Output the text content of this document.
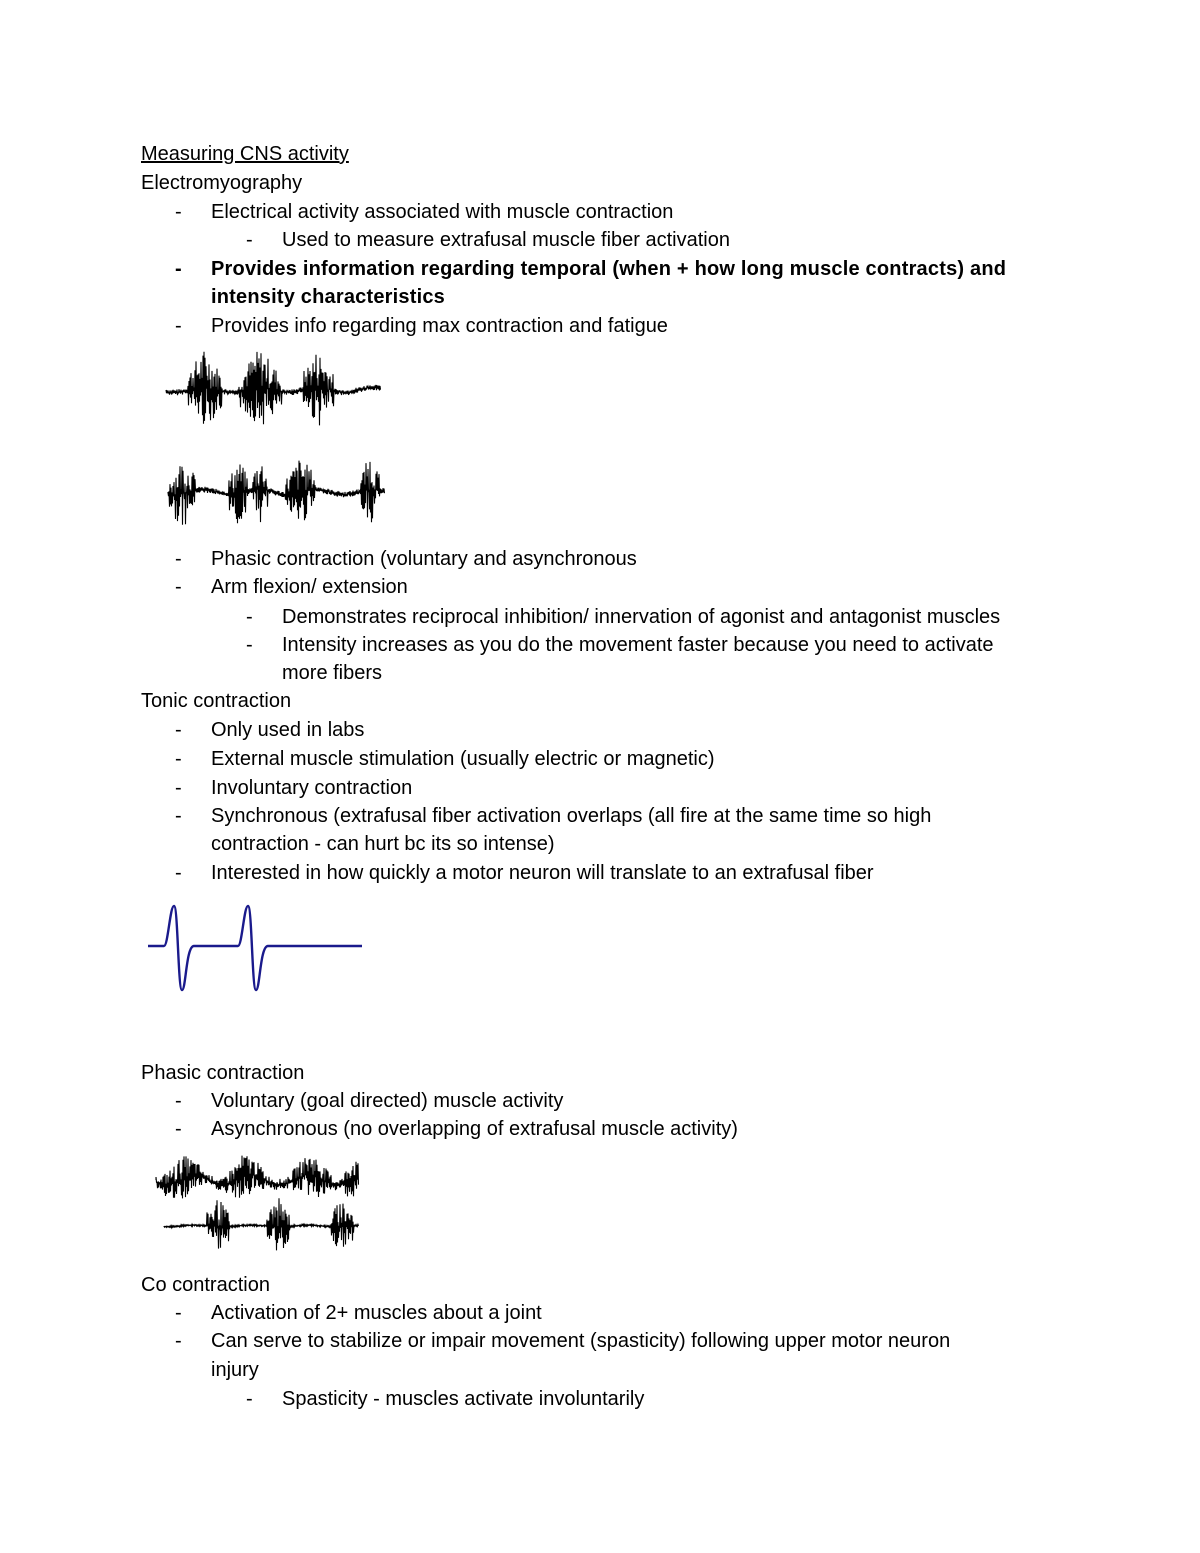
Measuring CNS activity
Electromyography
- Electrical activity associated with muscle contraction
- Used to measure extrafusal muscle fiber activation
- Provides information regarding temporal (when + how long muscle contracts) and
intensity characteristics
- Provides info regarding max contraction and fatigue
- Phasic contraction (voluntary and asynchronous
- Arm flexion/ extension
- Demonstrates reciprocal inhibition/ innervation of agonist and antagonist muscles
- Intensity increases as you do the movement faster because you need to activate
more fibers
Tonic contraction
- Only used in labs
- External muscle stimulation (usually electric or magnetic)
- Involuntary contraction
- Synchronous (extrafusal fiber activation overlaps (all fire at the same time so high
contraction - can hurt bc its so intense)
- Interested in how quickly a motor neuron will translate to an extrafusal fiber
Phasic contraction
- Voluntary (goal directed) muscle activity
- Asynchronous (no overlapping of extrafusal muscle activity)
Co contraction
- Activation of 2+ muscles about a joint
- Can serve to stabilize or impair movement (spasticity) following upper motor neuron
injury
- Spasticity - muscles activate involuntarily
